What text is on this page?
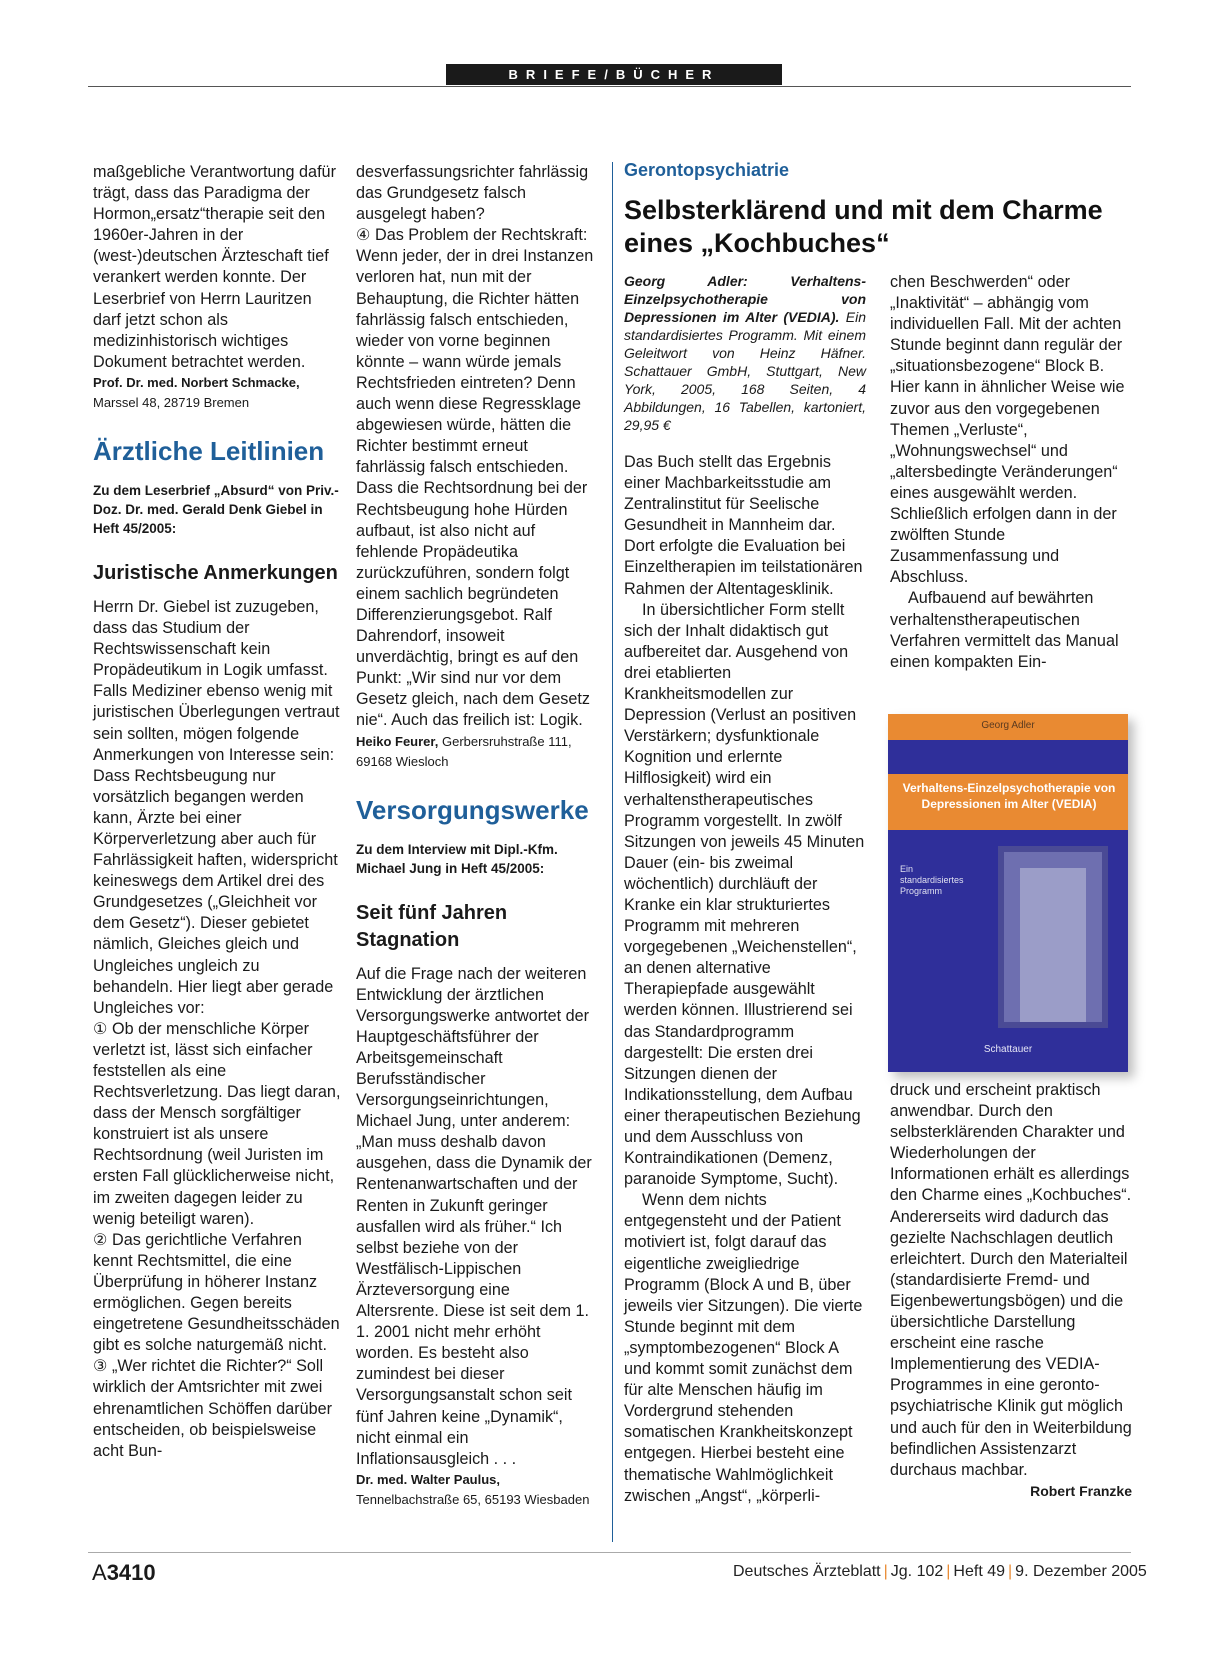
BRIEFE/BÜCHER

maßgebliche Verantwortung dafür trägt, dass das Paradigma der Hormon„ersatz“therapie seit den 1960er-Jahren in der (west-)deutschen Ärzteschaft tief verankert werden konnte. Der Leserbrief von Herrn Lauritzen darf jetzt schon als medizinhistorisch wichtiges Dokument betrachtet werden.

Prof. Dr. med. Norbert Schmacke,
Marssel 48, 28719 Bremen
Ärztliche Leitlinien
Zu dem Leserbrief „Absurd“ von Priv.-Doz. Dr. med. Gerald Denk Giebel in Heft 45/2005:
Juristische Anmerkungen

Herrn Dr. Giebel ist zuzugeben, dass das Studium der Rechtswissenschaft kein Propädeutikum in Logik umfasst. Falls Mediziner ebenso wenig mit juristischen Überlegungen vertraut sein sollten, mögen folgende Anmerkungen von Interesse sein:

Dass Rechtsbeugung nur vorsätzlich begangen werden kann, Ärzte bei einer Körperverletzung aber auch für Fahrlässigkeit haften, widerspricht keineswegs dem Artikel drei des Grundgesetzes („Gleichheit vor dem Gesetz“). Dieser gebietet nämlich, Gleiches gleich und Ungleiches ungleich zu behandeln. Hier liegt aber gerade Ungleiches vor:

① Ob der menschliche Körper verletzt ist, lässt sich einfacher feststellen als eine Rechtsverletzung. Das liegt daran, dass der Mensch sorgfältiger konstruiert ist als unsere Rechtsordnung (weil Juristen im ersten Fall glücklicherweise nicht, im zweiten dagegen leider zu wenig beteiligt waren).

② Das gerichtliche Verfahren kennt Rechtsmittel, die eine Überprüfung in höherer Instanz ermöglichen. Gegen bereits eingetretene Gesundheitsschäden gibt es solche naturgemäß nicht.

③ „Wer richtet die Richter?“ Soll wirklich der Amtsrichter mit zwei ehrenamtlichen Schöffen darüber entscheiden, ob beispielsweise acht Bun-

desverfassungsrichter fahrlässig das Grundgesetz falsch ausgelegt haben?

④ Das Problem der Rechtskraft: Wenn jeder, der in drei Instanzen verloren hat, nun mit der Behauptung, die Richter hätten fahrlässig falsch entschieden, wieder von vorne beginnen könnte – wann würde jemals Rechtsfrieden eintreten? Denn auch wenn diese Regressklage abgewiesen würde, hätten die Richter bestimmt erneut fahrlässig falsch entschieden.

Dass die Rechtsordnung bei der Rechtsbeugung hohe Hürden aufbaut, ist also nicht auf fehlende Propädeutika zurückzuführen, sondern folgt einem sachlich begründeten Differenzierungsgebot. Ralf Dahrendorf, insoweit unverdächtig, bringt es auf den Punkt: „Wir sind nur vor dem Gesetz gleich, nach dem Gesetz nie“. Auch das freilich ist: Logik.

Heiko Feurer, Gerbersruhstraße 111, 69168 Wiesloch
Versorgungswerke
Zu dem Interview mit Dipl.-Kfm. Michael Jung in Heft 45/2005:
Seit fünf Jahren Stagnation

Auf die Frage nach der weiteren Entwicklung der ärztlichen Versorgungswerke antwortet der Hauptgeschäftsführer der Arbeitsgemeinschaft Berufsständischer Versorgungseinrichtungen, Michael Jung, unter anderem: „Man muss deshalb davon ausgehen, dass die Dynamik der Rentenanwartschaften und der Renten in Zukunft geringer ausfallen wird als früher.“ Ich selbst beziehe von der Westfälisch-Lippischen Ärzteversorgung eine Altersrente. Diese ist seit dem 1. 1. 2001 nicht mehr erhöht worden. Es besteht also zumindest bei dieser Versorgungsanstalt schon seit fünf Jahren keine „Dynamik“, nicht einmal ein Inflationsausgleich . . .

Dr. med. Walter Paulus,
Tennelbachstraße 65, 65193 Wiesbaden
Gerontopsychiatrie
Selbsterklärend und mit dem Charme eines „Kochbuches“
Georg Adler: Verhaltens-Einzelpsychotherapie von Depressionen im Alter (VEDIA). Ein standardisiertes Programm. Mit einem Geleitwort von Heinz Häfner. Schattauer GmbH, Stuttgart, New York, 2005, 168 Seiten, 4 Abbildungen, 16 Tabellen, kartoniert, 29,95 €

Das Buch stellt das Ergebnis einer Machbarkeitsstudie am Zentralinstitut für Seelische Gesundheit in Mannheim dar. Dort erfolgte die Evaluation bei Einzeltherapien im teilstationären Rahmen der Altentagesklinik.

In übersichtlicher Form stellt sich der Inhalt didaktisch gut aufbereitet dar. Ausgehend von drei etablierten Krankheitsmodellen zur Depression (Verlust an positiven Verstärkern; dysfunktionale Kognition und erlernte Hilflosigkeit) wird ein verhaltenstherapeutisches Programm vorgestellt. In zwölf Sitzungen von jeweils 45 Minuten Dauer (ein- bis zweimal wöchentlich) durchläuft der Kranke ein klar strukturiertes Programm mit mehreren vorgegebenen „Weichenstellen“, an denen alternative Therapiepfade ausgewählt werden können. Illustrierend sei das Standardprogramm dargestellt: Die ersten drei Sitzungen dienen der Indikationsstellung, dem Aufbau einer therapeutischen Beziehung und dem Ausschluss von Kontraindikationen (Demenz, paranoide Symptome, Sucht).

Wenn dem nichts entgegensteht und der Patient motiviert ist, folgt darauf das eigentliche zweigliedrige Programm (Block A und B, über jeweils vier Sitzungen). Die vierte Stunde beginnt mit dem „symptombezogenen“ Block A und kommt somit zunächst dem für alte Menschen häufig im Vordergrund stehenden somatischen Krankheitskonzept entgegen. Hierbei besteht eine thematische Wahlmöglichkeit zwischen „Angst“, „körperli-

chen Beschwerden“ oder „Inaktivität“ – abhängig vom individuellen Fall. Mit der achten Stunde beginnt dann regulär der „situationsbezogene“ Block B. Hier kann in ähnlicher Weise wie zuvor aus den vorgegebenen Themen „Verluste“, „Wohnungswechsel“ und „altersbedingte Veränderungen“ eines ausgewählt werden. Schließlich erfolgen dann in der zwölften Stunde Zusammenfassung und Abschluss.

Aufbauend auf bewährten verhaltenstherapeutischen Verfahren vermittelt das Manual einen kompakten Ein-

Georg Adler
Verhaltens-Einzelpsychotherapie von Depressionen im Alter (VEDIA)
Ein standardisiertes Programm
Schattauer

druck und erscheint praktisch anwendbar. Durch den selbsterklärenden Charakter und Wiederholungen der Informationen erhält es allerdings den Charme eines „Kochbuches“. Andererseits wird dadurch das gezielte Nachschlagen deutlich erleichtert. Durch den Materialteil (standardisierte Fremd- und Eigenbewertungsbögen) und die übersichtliche Darstellung erscheint eine rasche Implementierung des VEDIA-Programmes in eine geronto-psychiatrische Klinik gut möglich und auch für den in Weiterbildung befindlichen Assistenzarzt durchaus machbar.

Robert Franzke
A3410	Deutsches Ärzteblatt | Jg. 102 | Heft 49 | 9. Dezember 2005
